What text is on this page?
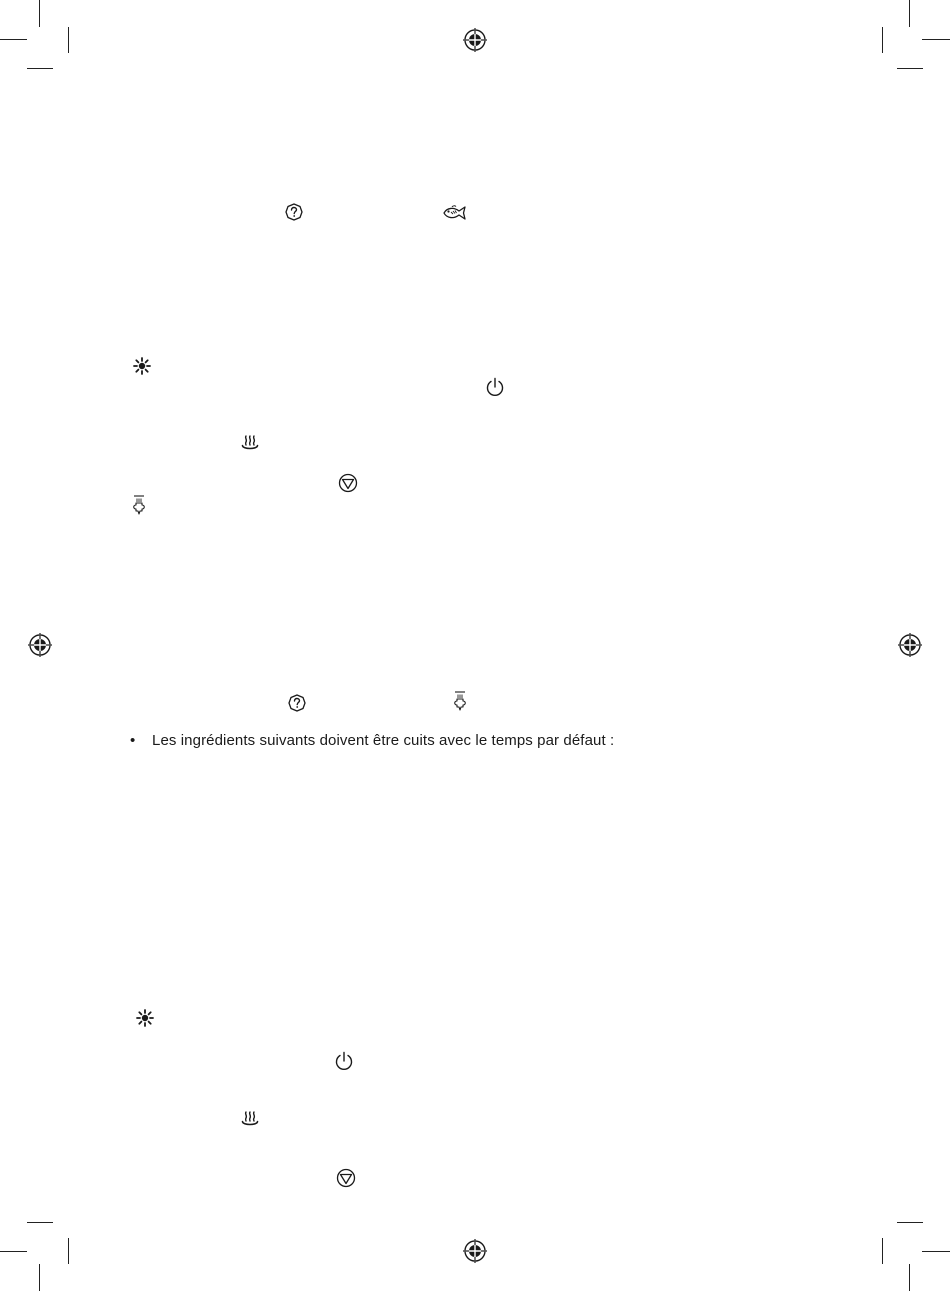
• Les ingrédients suivants doivent être cuits avec le temps par défaut :
